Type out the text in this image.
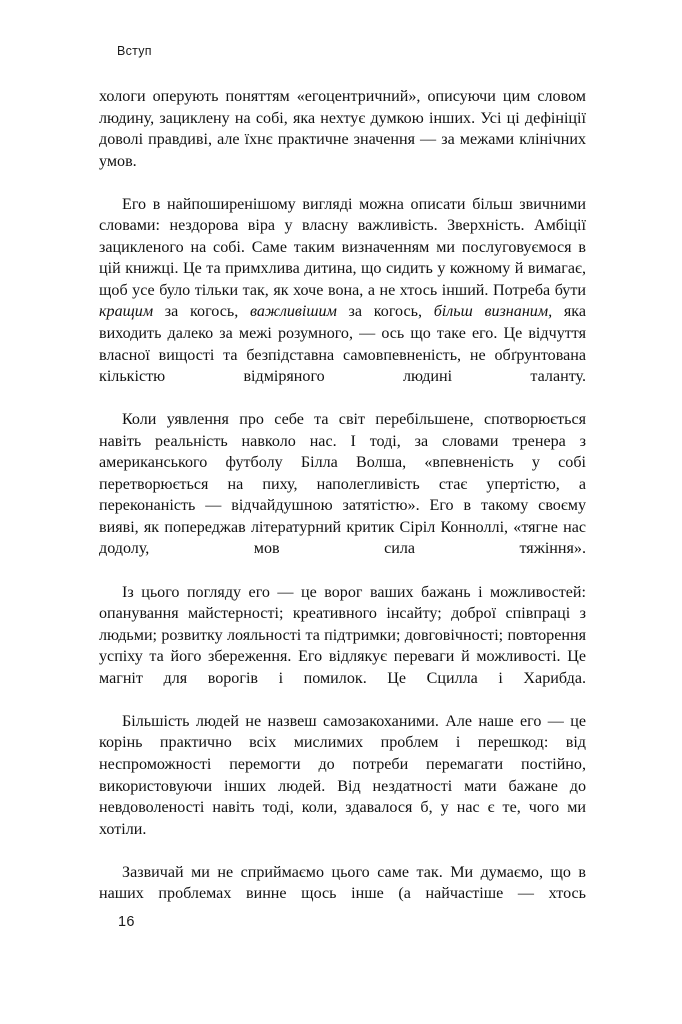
Вступ

хологи оперують поняттям «егоцентричний», описуючи цим словом людину, зациклену на собі, яка нехтує думкою інших. Усі ці дефініції доволі правдиві, але їхнє практичне значення — за межами клінічних умов.

Его в найпоширенішому вигляді можна описати більш звичними словами: нездорова віра у власну важливість. Зверхність. Амбіції зацикленого на собі. Саме таким визначенням ми послуговуємося в цій книжці. Це та примхлива дитина, що сидить у кожному й вимагає, щоб усе було тільки так, як хоче вона, а не хтось інший. Потреба бути кращим за когось, важливішим за когось, більш визнаним, яка виходить далеко за межі розумного, — ось що таке его. Це відчуття власної вищості та безпідставна самовпевненість, не обґрунтована кількістю відміряного людині таланту.

Коли уявлення про себе та світ перебільшене, спотворюється навіть реальність навколо нас. І тоді, за словами тренера з американського футболу Білла Волша, «впевненість у собі перетворюється на пиху, наполегливість стає упертістю, а переконаність — відчайдушною затятістю». Его в такому своєму вияві, як попереджав літературний критик Сіріл Конноллі, «тягне нас додолу, мов сила тяжіння».

Із цього погляду его — це ворог ваших бажань і можливостей: опанування майстерності; креативного інсайту; доброї співпраці з людьми; розвитку лояльності та підтримки; довговічності; повторення успіху та його збереження. Его відлякує переваги й можливості. Це магніт для ворогів і помилок. Це Сцилла і Харибда.

Більшість людей не назвеш самозакоханими. Але наше его — це корінь практично всіх мислимих проблем і перешкод: від неспроможності перемогти до потреби перемагати постійно, використовуючи інших людей. Від нездатності мати бажане до невдоволеності навіть тоді, коли, здавалося б, у нас є те, чого ми хотіли.

Зазвичай ми не сприймаємо цього саме так. Ми думаємо, що в наших проблемах винне щось інше (а найчастіше — хтось

16
